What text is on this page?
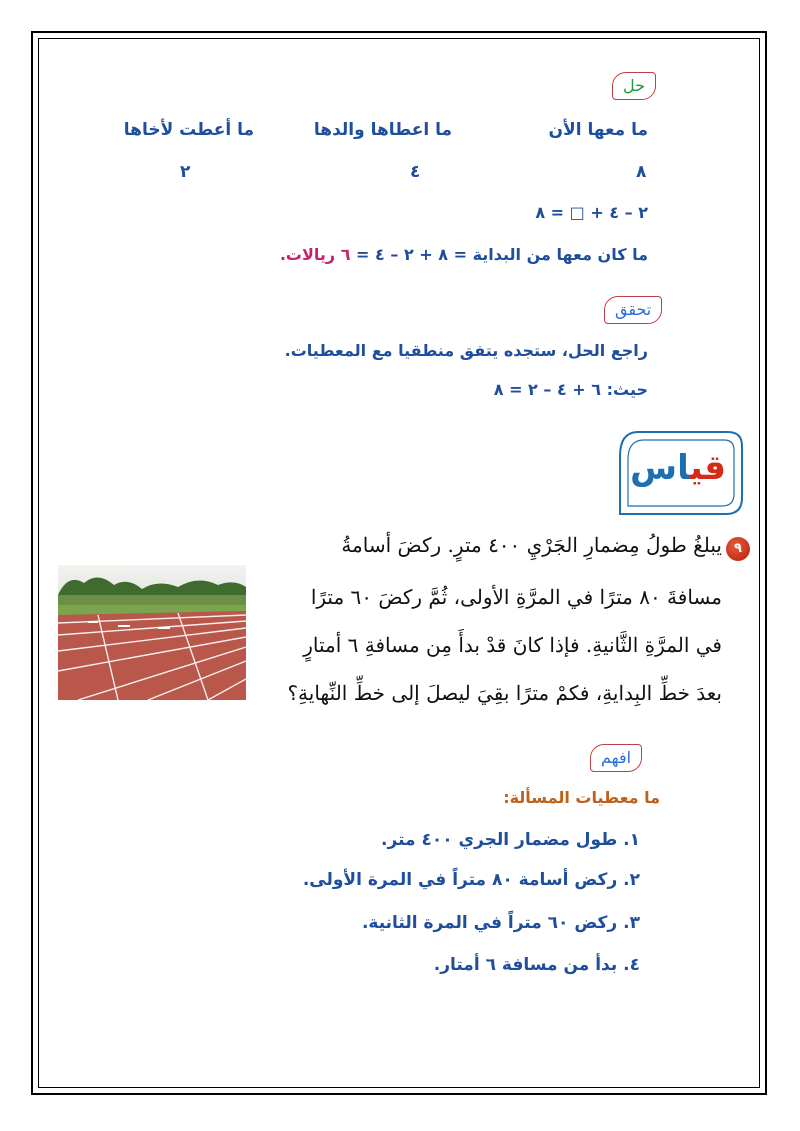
حل
ما معها الأن
ما اعطاها والدها
ما أعطت لأخاها
٨
٤
٢
٢ – ٤ + □ = ٨
ما كان معها من البداية = ٨ + ٢ – ٤ = ٦ ريالات.
تحقق
راجع الحل، ستجده يتفق منطقيا مع المعطيات.
حيث: ٦ + ٤ – ٢ = ٨
قياس
٩
يبلغُ طولُ مِضمارِ الجَرْيِ ٤٠٠ مترٍ. ركضَ أسامةُ
مسافةَ ٨٠ مترًا في المرَّةِ الأولى، ثُمَّ ركضَ ٦٠ مترًا
في المرَّةِ الثَّانيةِ. فإذا كانَ قدْ بدأَ مِن مسافةِ ٦ أمتارٍ
بعدَ خطِّ البِدايةِ، فكمْ مترًا بقِيَ ليصلَ إلى خطِّ النِّهايةِ؟
افهم
ما معطيات المسألة:
١. طول مضمار الجري ٤٠٠ متر.
٢. ركض أسامة ٨٠ متراً في المرة الأولى.
٣. ركض ٦٠ متراً في المرة الثانية.
٤. بدأ من مسافة ٦ أمتار.
